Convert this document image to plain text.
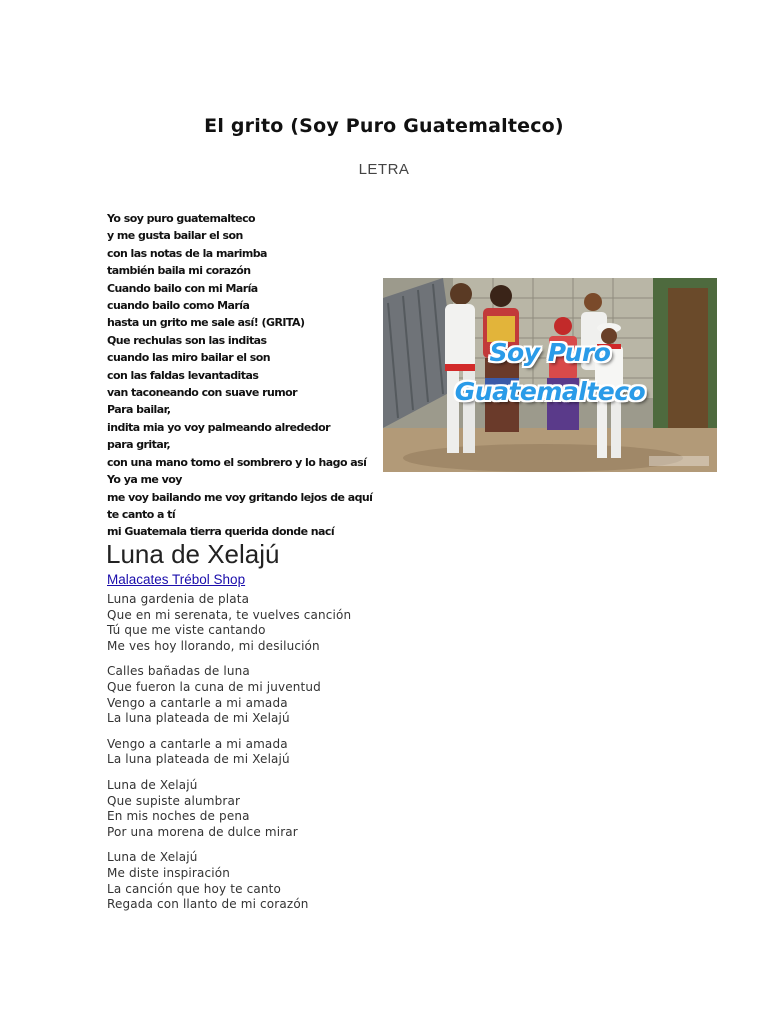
El grito (Soy Puro Guatemalteco)
LETRA
Yo soy puro guatemalteco
y me gusta bailar el son
con las notas de la marimba
también baila mi corazón
Cuando bailo con mi María
cuando bailo como María
hasta un grito me sale así! (GRITA)
Que rechulas son las inditas
cuando las miro bailar el son
con las faldas levantaditas
van taconeando con suave rumor
Para bailar,
indita mia yo voy palmeando alrededor
para gritar,
con una mano tomo el sombrero y lo hago así
Yo ya me voy
me voy bailando me voy gritando lejos de aquí
te canto a tí
mi Guatemala tierra querida donde nací
Soy Puro
Guatemalteco
Luna de Xelajú
Malacates Trébol Shop
Luna gardenia de plata
Que en mi serenata, te vuelves canción
Tú que me viste cantando
Me ves hoy llorando, mi desilución
Calles bañadas de luna
Que fueron la cuna de mi juventud
Vengo a cantarle a mi amada
La luna plateada de mi Xelajú
Vengo a cantarle a mi amada
La luna plateada de mi Xelajú
Luna de Xelajú
Que supiste alumbrar
En mis noches de pena
Por una morena de dulce mirar
Luna de Xelajú
Me diste inspiración
La canción que hoy te canto
Regada con llanto de mi corazón
